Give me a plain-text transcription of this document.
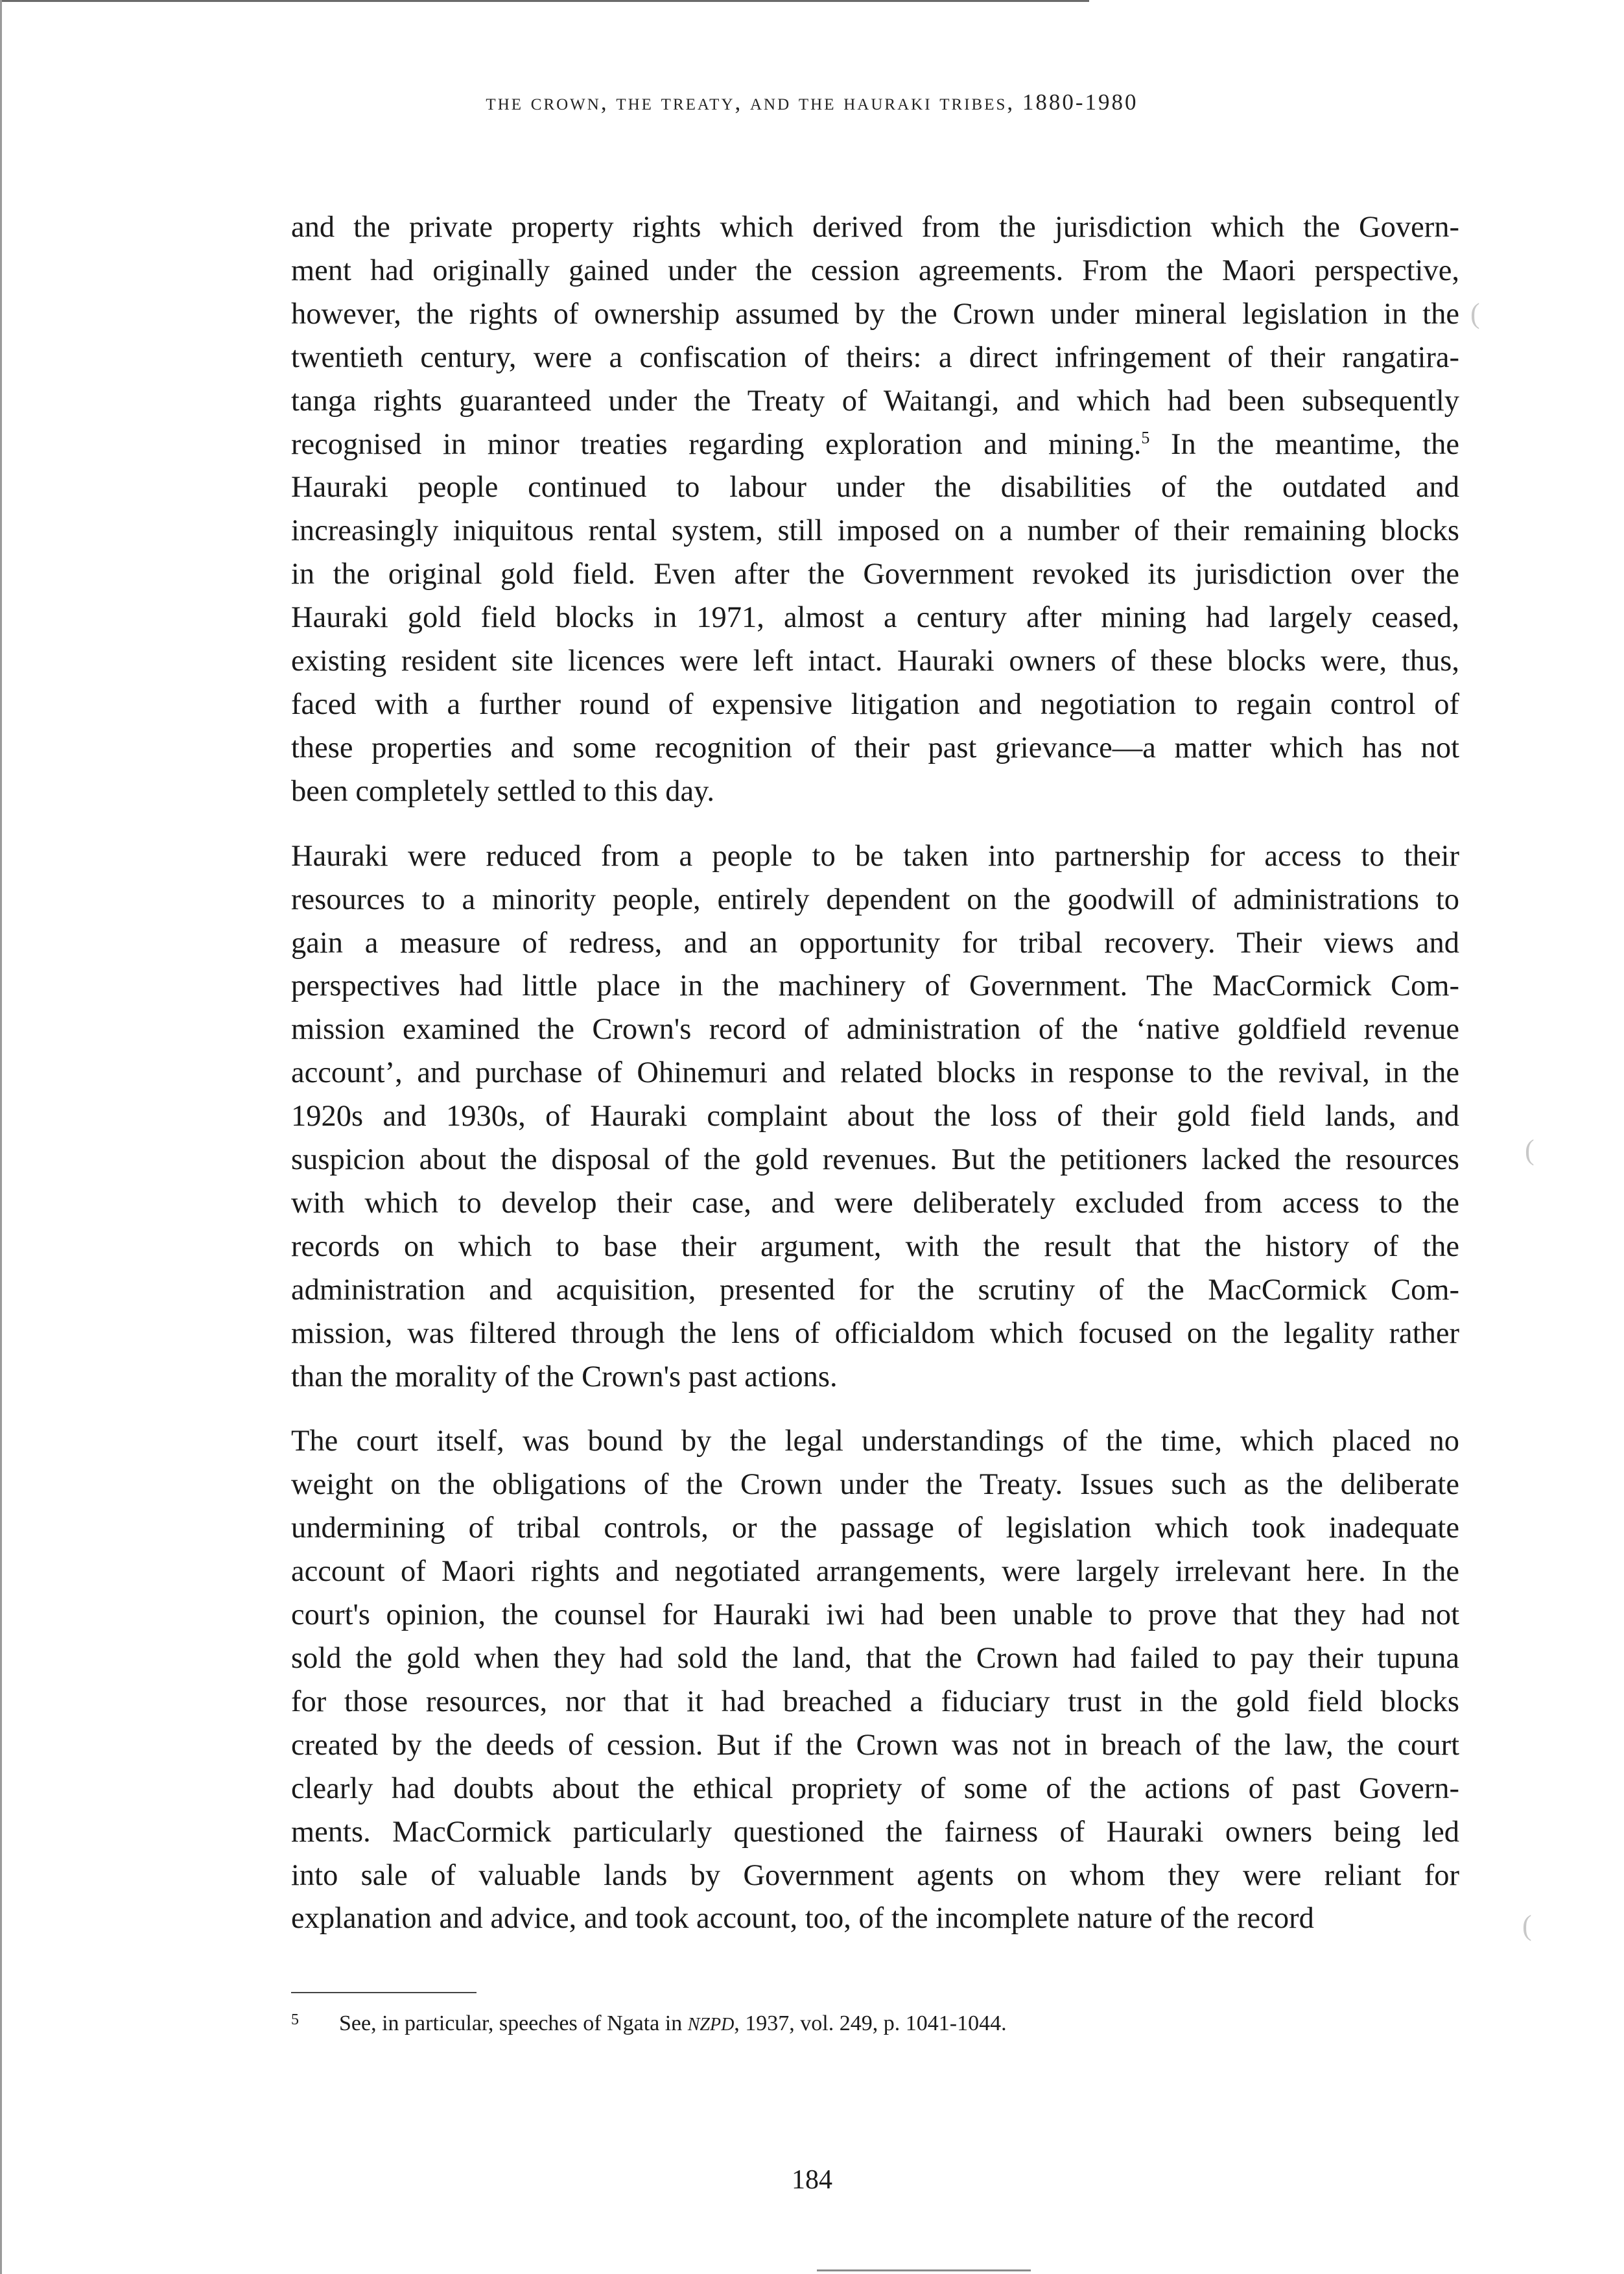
(
(
(
the crown, the treaty, and the hauraki tribes, 1880-1980

and the private property rights which derived from the jurisdiction which the Govern-
ment had originally gained under the cession agreements. From the Maori perspective,
however, the rights of ownership assumed by the Crown under mineral legislation in the
twentieth century, were a confiscation of theirs: a direct infringement of their rangatira-
tanga rights guaranteed under the Treaty of Waitangi, and which had been subsequently
recognised in minor treaties regarding exploration and mining.$^5$ In the meantime, the
Hauraki people continued to labour under the disabilities of the outdated and
increasingly iniquitous rental system, still imposed on a number of their remaining blocks
in the original gold field. Even after the Government revoked its jurisdiction over the
Hauraki gold field blocks in 1971, almost a century after mining had largely ceased,
existing resident site licences were left intact. Hauraki owners of these blocks were, thus,
faced with a further round of expensive litigation and negotiation to regain control of
these properties and some recognition of their past grievance—a matter which has not
been completely settled to this day.

Hauraki were reduced from a people to be taken into partnership for access to their
resources to a minority people, entirely dependent on the goodwill of administrations to
gain a measure of redress, and an opportunity for tribal recovery. Their views and
perspectives had little place in the machinery of Government. The MacCormick Com-
mission examined the Crown's record of administration of the ‘native goldfield revenue
account’, and purchase of Ohinemuri and related blocks in response to the revival, in the
1920s and 1930s, of Hauraki complaint about the loss of their gold field lands, and
suspicion about the disposal of the gold revenues. But the petitioners lacked the resources
with which to develop their case, and were deliberately excluded from access to the
records on which to base their argument, with the result that the history of the
administration and acquisition, presented for the scrutiny of the MacCormick Com-
mission, was filtered through the lens of officialdom which focused on the legality rather
than the morality of the Crown's past actions.

The court itself, was bound by the legal understandings of the time, which placed no
weight on the obligations of the Crown under the Treaty. Issues such as the deliberate
undermining of tribal controls, or the passage of legislation which took inadequate
account of Maori rights and negotiated arrangements, were largely irrelevant here. In the
court's opinion, the counsel for Hauraki iwi had been unable to prove that they had not
sold the gold when they had sold the land, that the Crown had failed to pay their tupuna
for those resources, nor that it had breached a fiduciary trust in the gold field blocks
created by the deeds of cession. But if the Crown was not in breach of the law, the court
clearly had doubts about the ethical propriety of some of the actions of past Govern-
ments. MacCormick particularly questioned the fairness of Hauraki owners being led
into sale of valuable lands by Government agents on whom they were reliant for
explanation and advice, and took account, too, of the incomplete nature of the record

5 See, in particular, speeches of Ngata in NZPD, 1937, vol. 249, p. 1041-1044.
184
